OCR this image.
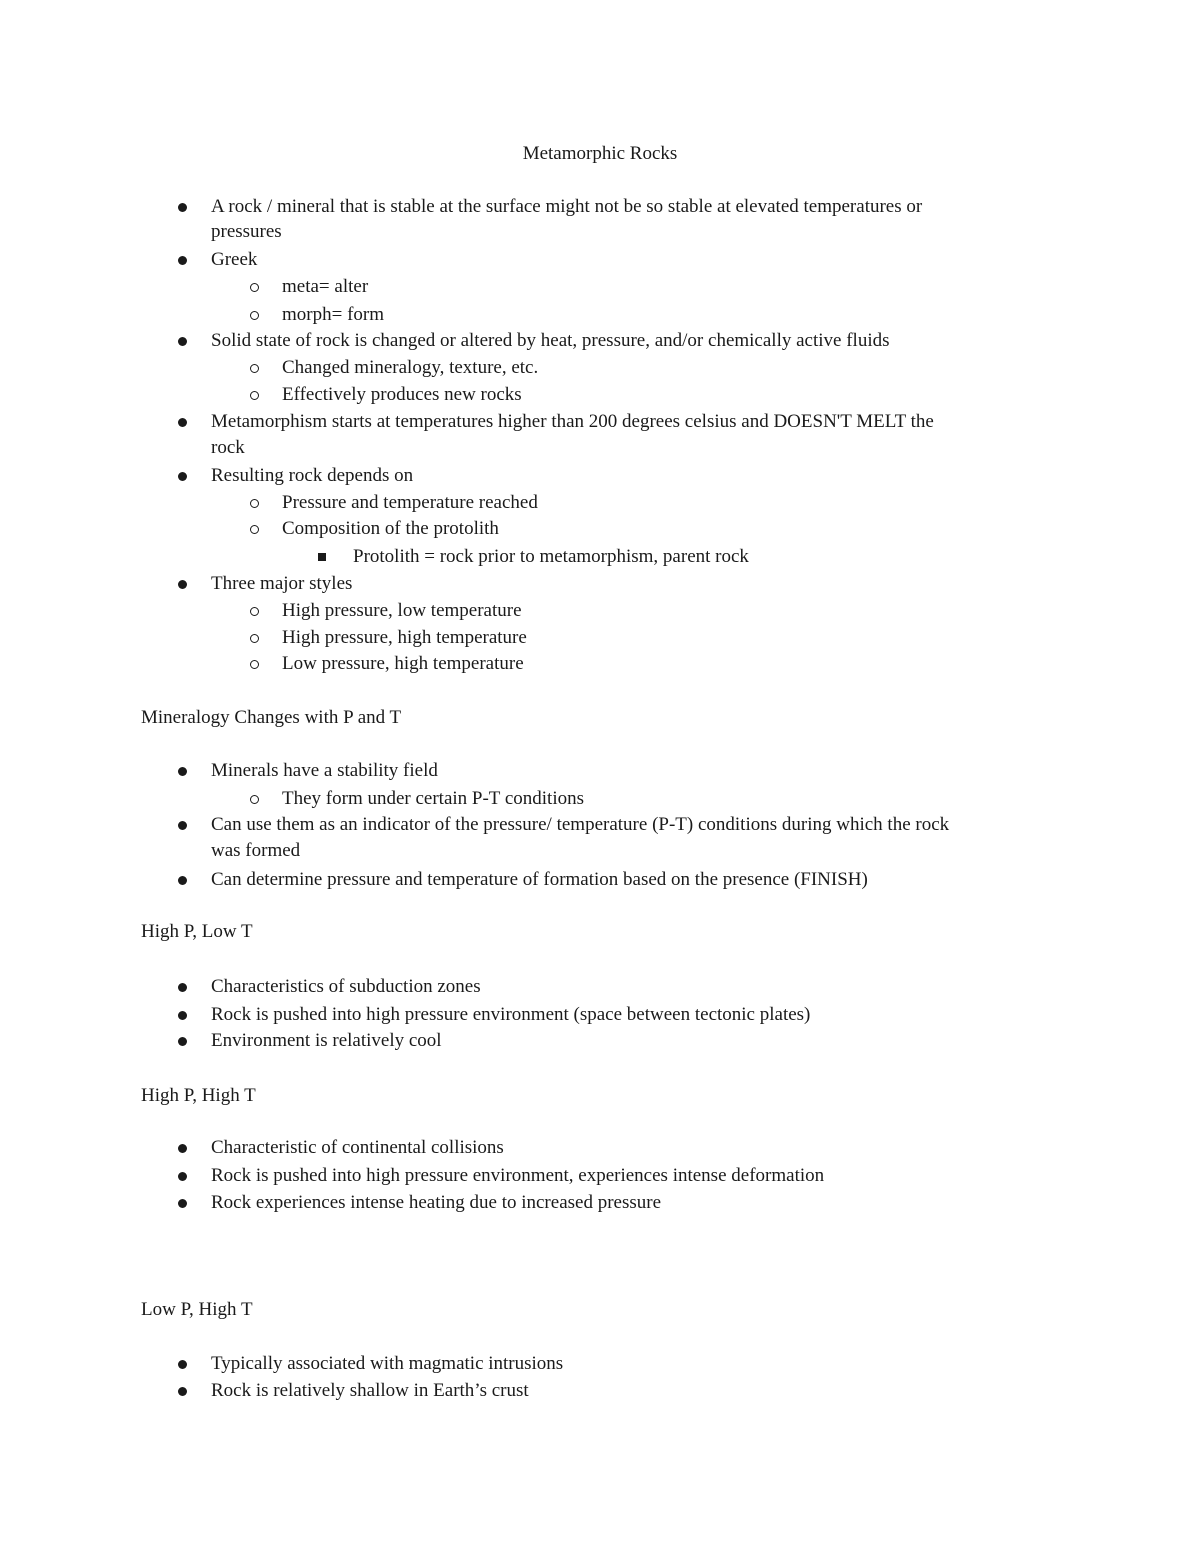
Metamorphic Rocks
A rock / mineral that is stable at the surface might not be so stable at elevated temperatures or
pressures
Greek
meta= alter
morph= form
Solid state of rock is changed or altered by heat, pressure, and/or chemically active fluids
Changed mineralogy, texture, etc.
Effectively produces new rocks
Metamorphism starts at temperatures higher than 200 degrees celsius and DOESN'T MELT the
rock
Resulting rock depends on
Pressure and temperature reached
Composition of the protolith
Protolith = rock prior to metamorphism, parent rock
Three major styles
High pressure, low temperature
High pressure, high temperature
Low pressure, high temperature
Mineralogy Changes with P and T
Minerals have a stability field
They form under certain P-T conditions
Can use them as an indicator of the pressure/ temperature (P-T) conditions during which the rock
was formed
Can determine pressure and temperature of formation based on the presence (FINISH)
High P, Low T
Characteristics of subduction zones
Rock is pushed into high pressure environment (space between tectonic plates)
Environment is relatively cool
High P, High T
Characteristic of continental collisions
Rock is pushed into high pressure environment, experiences intense deformation
Rock experiences intense heating due to increased pressure
Low P, High T
Typically associated with magmatic intrusions
Rock is relatively shallow in Earth’s crust
